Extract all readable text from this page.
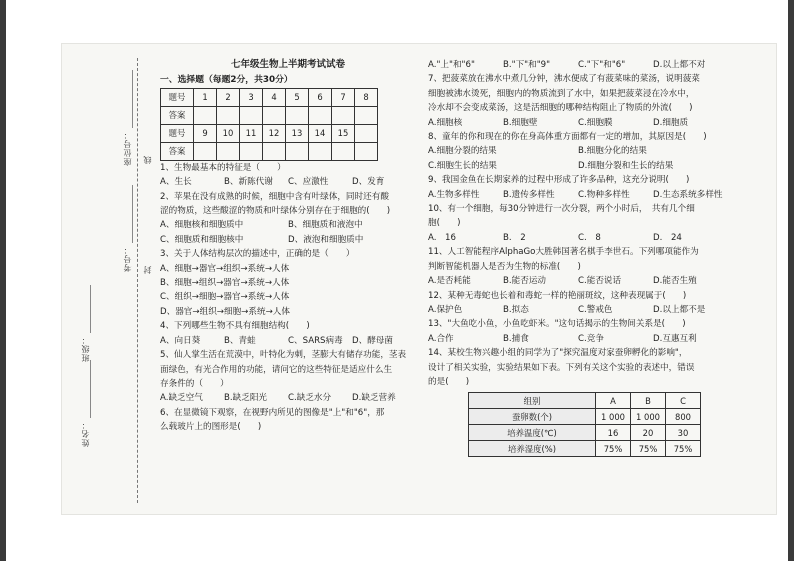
姓名：
班级：
考号：
座位号：
封
线
七年级生物上半期考试试卷
一、选择题（每题2分，共30分）
题号	1	2	3	4	5	6	7	8
答案								
题号	9	10	11	12	13	14	15	
答案								
1、生物最基本的特征是（　　）
A、生长	B、新陈代谢	C、应激性	D、发育
2、苹果在没有成熟的时候，细胞中含有叶绿体，同时还有酸
涩的物质，这些酸涩的物质和叶绿体分别存在于细胞的(　　)
A、细胞核和细胞质中	B、细胞质和液泡中
C、细胞质和细胞核中	D、液泡和细胞质中
3、关于人体结构层次的描述中，正确的是（　　）
A、细胞→器官→组织→系统→人体
B、细胞→组织→器官→系统→人体
C、组织→细胞→器官→系统→人体
D、器官→组织→细胞→系统→人体
4、下列哪些生物不具有细胞结构(　　)
A、向日葵	B、青蛙	C、SARS病毒	D、酵母菌
5、仙人掌生活在荒漠中，叶特化为刺，茎膨大有储存功能，茎表
面绿色，有光合作用的功能，请问它的这些特征是适应什么生
存条件的（　　）
A.缺乏空气	B.缺乏阳光	C.缺乏水分	D.缺乏营养
6、在显微镜下观察，在视野内所见的图像是"上"和"6"，那
么载玻片上的图形是(　　)
A."上"和"6"	B."下"和"9"	C."下"和"6"	D.以上都不对
7、把菠菜放在沸水中煮几分钟，沸水便成了有菠菜味的菜汤，说明菠菜
细胞被沸水烫死，细胞内的物质流到了水中，如果把菠菜浸在冷水中，
冷水却不会变成菜汤，这是活细胞的哪种结构阻止了物质的外流(　　)
A.细胞核	B.细胞壁	C.细胞膜	D.细胞质
8、童年的你和现在的你在身高体重方面都有一定的增加，其原因是(　　)
A.细胞分裂的结果	B.细胞分化的结果
C.细胞生长的结果	D.细胞分裂和生长的结果
9、我国金鱼在长期家养的过程中形成了许多品种，这充分说明(　　)
A.生物多样性	B.遗传多样性	C.物种多样性	D.生态系统多样性
10、有一个细胞，每30分钟进行一次分裂，两个小时后，　共有几个细
胞(　　)
A.　16	B.　2	C.　8	D.　24
11、人工智能程序AlphaGo大胜韩国著名棋手李世石。下列哪项能作为
判断智能机器人是否为生物的标准(　　)
A.是否耗能	B.能否运动	C.能否说话	D.能否生殖
12、某种无毒蛇也长着和毒蛇一样的艳丽斑纹，这种表现属于(　　)
A.保护色	B.拟态	C.警戒色	D.以上都不是
13、"大鱼吃小鱼，小鱼吃虾米。"这句话揭示的生物间关系是(　　)
A.合作	B.捕食	C.竞争	D.互惠互利
14、某校生物兴趣小组的同学为了"探究温度对家蚕卵孵化的影响"，
设计了相关实验，实验结果如下表。下列有关这个实验的表述中，错误
的是(　　)
组别	A	B	C
蚕卵数(个)	1 000	1 000	800
培养温度(℃)	16	20	30
培养湿度(%)	75%	75%	75%
